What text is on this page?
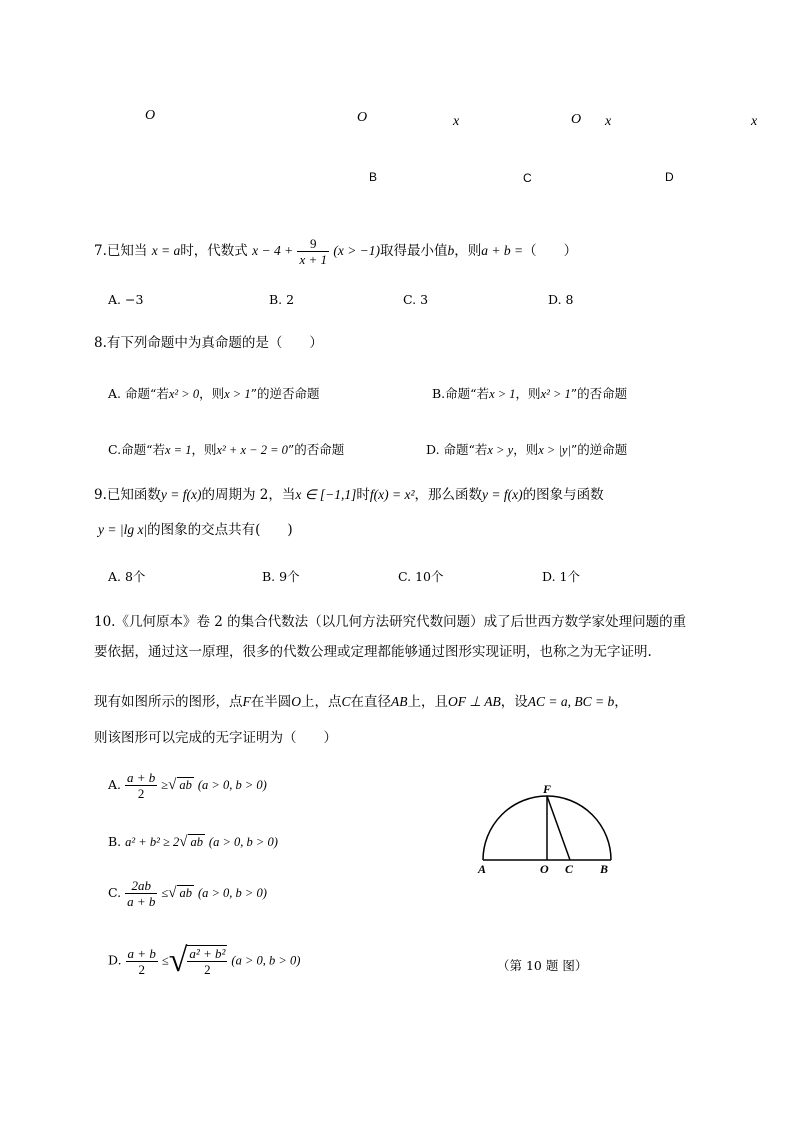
O	O	x	O x	x
B	C	D
7.已知当 x = a时，代数式 $x - 4 + \frac{9}{x + 1} (x > -1)$取得最小值b，则a + b =（　　）
A. −3	B. 2	C. 3	D. 8
8.有下列命题中为真命题的是（　　）
A. 命题“若x² > 0，则x > 1”的逆否命题	B.命题“若x > 1，则x² > 1”的否命题
C.命题“若x = 1，则x² + x − 2 = 0”的否命题	D. 命题“若x > y，则x > |y|”的逆命题
9.已知函数y = f(x)的周期为 2，当x ∈ [−1,1]时f(x) = x²，那么函数y = f(x)的图象与函数
y = |lg x|的图象的交点共有(　　)
A. 8个	B. 9个	C. 10个	D. 1个
10.《几何原本》卷 2 的集合代数法（以几何方法研究代数问题）成了后世西方数学家处理问题的重
要依据，通过这一原理，很多的代数公理或定理都能够通过图形实现证明，也称之为无字证明.
现有如图所示的图形，点F在半圆O上，点C在直径AB上，且OF ⊥ AB，设AC = a, BC = b，
则该图形可以完成的无字证明为（　　）
A. $\frac{a + b}{2}$ ≥√ ab (a > 0, b > 0)
B. a² + b² ≥ 2√ ab (a > 0, b > 0)
C. $\frac{2ab}{a + b}$ ≤√ ab (a > 0, b > 0)
D. $\frac{a + b}{2}$ ≤√ $\frac{\text{a² + b²}}{2} (a > 0$, b > 0)
F
A	O C B
（第 10 题 图）
